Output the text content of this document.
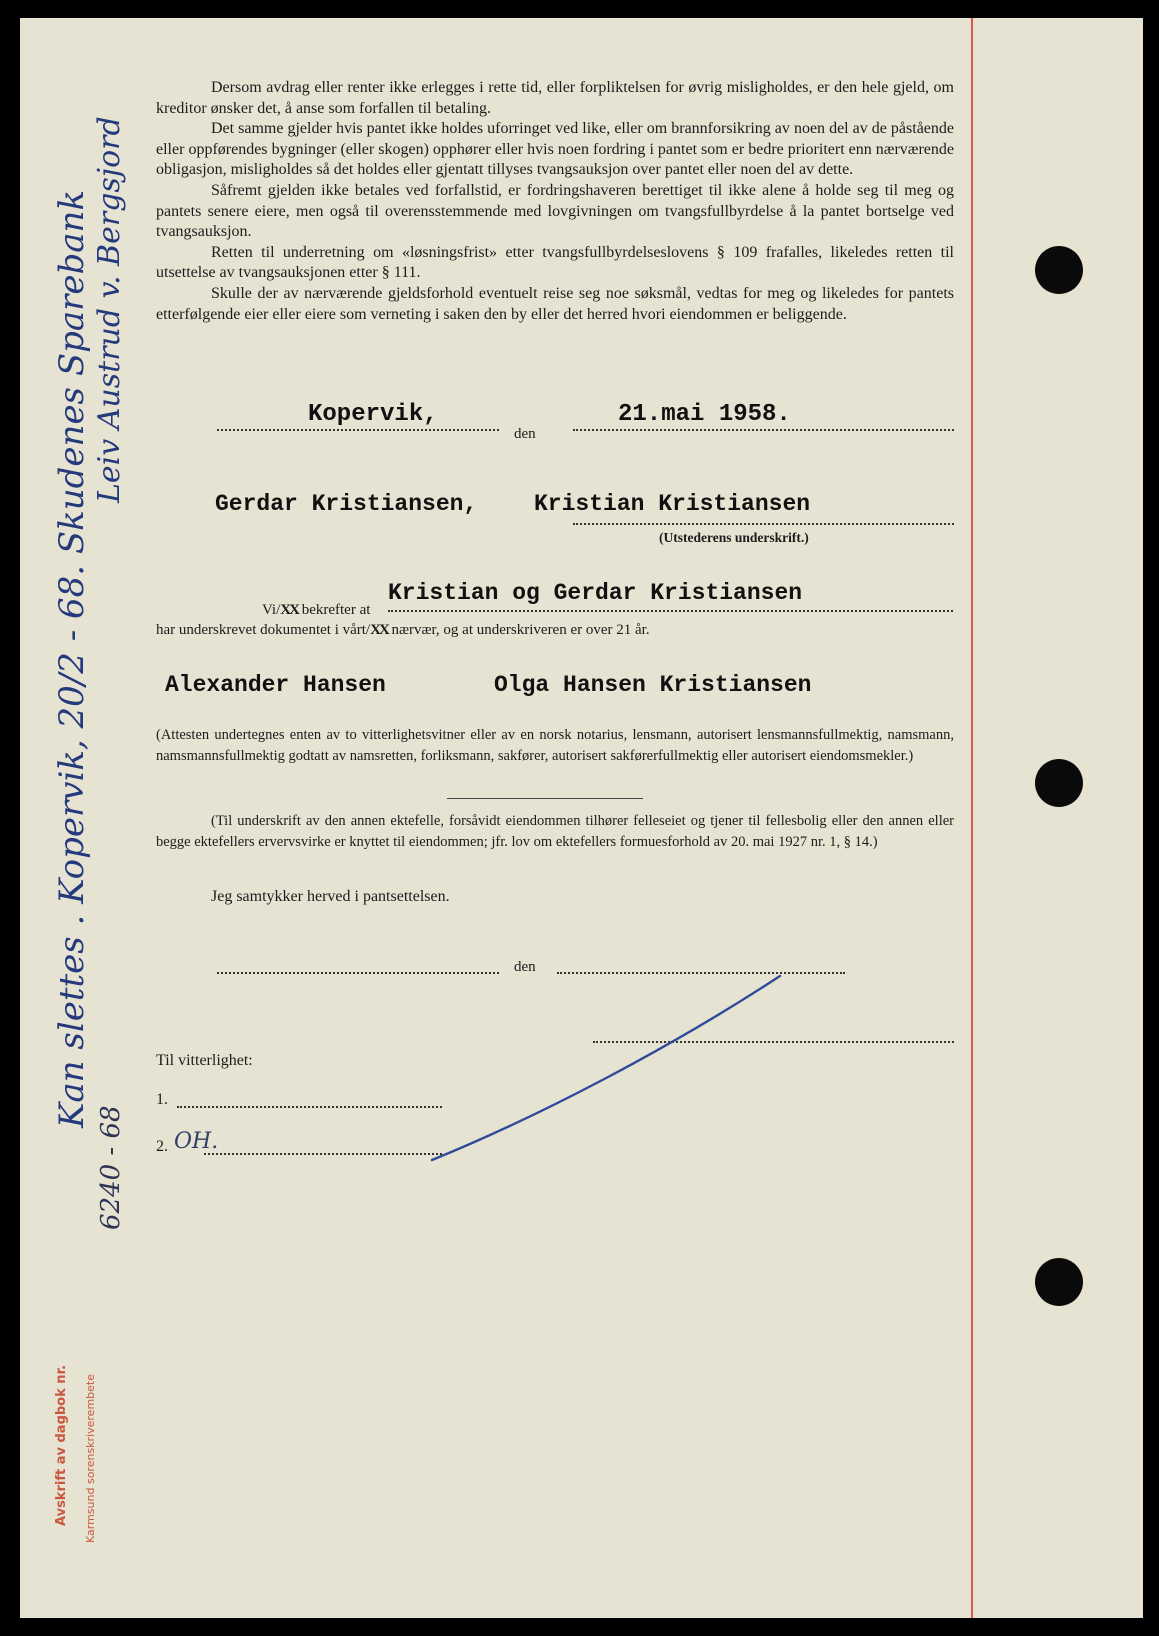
Dersom avdrag eller renter ikke erlegges i rette tid, eller forpliktelsen for øvrig misligholdes, er den hele gjeld, om kreditor ønsker det, å anse som forfallen til betaling.

Det samme gjelder hvis pantet ikke holdes uforringet ved like, eller om brannforsikring av noen del av de påstående eller oppførendes bygninger (eller skogen) opphører eller hvis noen fordring i pantet som er bedre prioritert enn nærværende obligasjon, misligholdes så det holdes eller gjentatt tillyses tvangsauksjon over pantet eller noen del av dette.

Såfremt gjelden ikke betales ved forfallstid, er fordringshaveren berettiget til ikke alene å holde seg til meg og pantets senere eiere, men også til overensstemmende med lovgivningen om tvangsfullbyrdelse å la pantet bortselge ved tvangsauksjon.

Retten til underretning om «løsningsfrist» etter tvangsfullbyrdelseslovens § 109 frafalles, likeledes retten til utsettelse av tvangsauksjonen etter § 111.

Skulle der av nærværende gjeldsforhold eventuelt reise seg noe søksmål, vedtas for meg og likeledes for pantets etterfølgende eier eller eiere som verneting i saken den by eller det herred hvori eiendommen er beliggende.

Kopervik,
den
21.mai 1958.
Gerdar Kristiansen, Kristian Kristiansen
(Utstederens underskrift.)
Vi/XX bekrefter at
Kristian og Gerdar Kristiansen
har underskrevet dokumentet i vårt/XX nærvær, og at underskriveren er over 21 år.
Alexander Hansen	Olga Hansen Kristiansen

(Attesten undertegnes enten av to vitterlighetsvitner eller av en norsk notarius, lensmann, autorisert lensmannsfullmektig, namsmann, namsmannsfullmektig godtatt av namsretten, forliksmann, sakfører, autorisert sakførerfullmektig eller autorisert eiendomsmekler.)

(Til underskrift av den annen ektefelle, forsåvidt eiendommen tilhører felleseiet og tjener til fellesbolig eller den annen eller begge ektefellers ervervsvirke er knyttet til eiendommen; jfr. lov om ektefellers formuesforhold av 20. mai 1927 nr. 1, § 14.)

Jeg samtykker herved i pantsettelsen.
den
Til vitterlighet:
1.
2. OH.
Kan slettes . Kopervik, 20/2 - 68. Skudenes Sparebank Leiv Austrud v. Bergsjord
6240 - 68
Avskrift av dagbok nr. Karmsund sorenskriverembete
